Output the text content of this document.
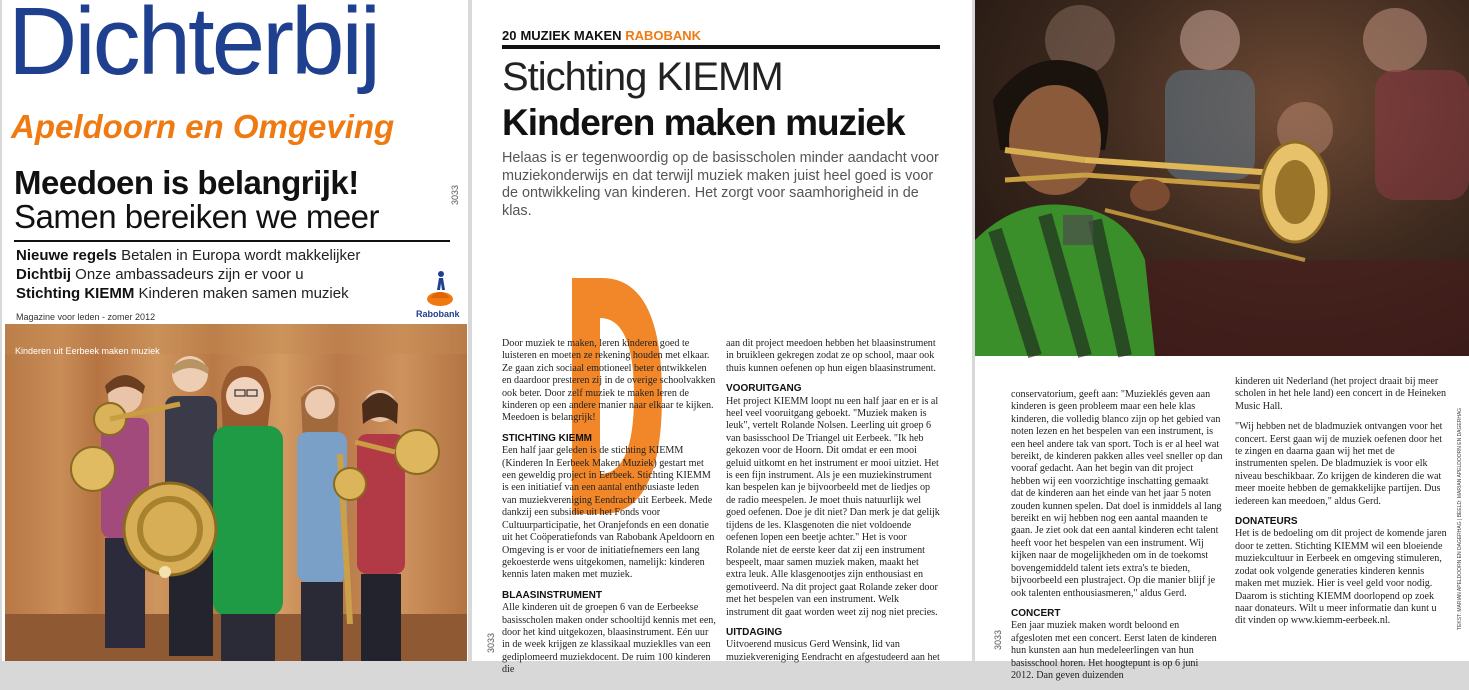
Dichterbij
Apeldoorn en Omgeving
Meedoen is belangrijk!
Samen bereiken we meer
3033
Nieuwe regels Betalen in Europa wordt makkelijker
Dichtbij Onze ambassadeurs zijn er voor u
Stichting KIEMM Kinderen maken samen muziek
Magazine voor leden - zomer 2012	Rabobank
Kinderen uit Eerbeek maken muziek
20 MUZIEK MAKEN RABOBANK
Stichting KIEMM
Kinderen maken muziek
Helaas is er tegenwoordig op de basisscholen minder aandacht voor muziekonderwijs en dat terwijl muziek maken juist heel goed is voor de ontwikkeling van kinderen. Het zorgt voor saamhorigheid in de klas.

Door muziek te maken, leren kinderen goed te luisteren en moeten ze rekening houden met elkaar. Ze gaan zich sociaal emotioneel beter ontwikkelen en daardoor presteren zij in de overige schoolvakken ook beter. Door zelf muziek te maken leren de kinderen op een andere manier naar elkaar te kijken. Meedoen is belangrijk!

STICHTING KIEMM

Een half jaar geleden is de stichting KIEMM (Kinderen In Eerbeek Maken Muziek) gestart met een geweldig project in Eerbeek. Stichting KIEMM is een initiatief van een aantal enthousiaste leden van muziekvereniging Eendracht uit Eerbeek. Mede dankzij een subsidie uit het Fonds voor Cultuurparticipatie, het Oranjefonds en een donatie uit het Coöperatiefonds van Rabobank Apeldoorn en Omgeving is er voor de initiatiefnemers een lang gekoesterde wens uitgekomen, namelijk: kinderen kennis laten maken met muziek.

BLAASINSTRUMENT

Alle kinderen uit de groepen 6 van de Eerbeekse basisscholen maken onder schooltijd kennis met een, door het kind uitgekozen, blaasinstrument. Eén uur in de week krijgen ze klassikaal muzieklles van een gediplomeerd muziekdocent. De ruim 100 kinderen die

aan dit project meedoen hebben het blaasinstrument in bruikleen gekregen zodat ze op school, maar ook thuis kunnen oefenen op hun eigen blaasinstrument.

VOORUITGANG

Het project KIEMM loopt nu een half jaar en er is al heel veel vooruitgang geboekt. "Muziek maken is leuk", vertelt Rolande Nolsen. Leerling uit groep 6 van basisschool De Triangel uit Eerbeek. "Ik heb gekozen voor de Hoorn. Dit omdat er een mooi geluid uitkomt en het instrument er mooi uitziet. Het is een fijn instrument. Als je een muziekinstrument kan bespelen kan je bijvoorbeeld met de liedjes op de radio meespelen. Je moet thuis natuurlijk wel goed oefenen. Doe je dit niet? Dan merk je dat gelijk tijdens de les. Klasgenoten die niet voldoende oefenen lopen een beetje achter." Het is voor Rolande niet de eerste keer dat zij een instrument bespeelt, maar samen muziek maken, maakt het extra leuk. Alle klasgenootjes zijn enthousiast en gemotiveerd. Na dit project gaat Rolande zeker door met het bespelen van een instrument. Welk instrument dit gaat worden weet zij nog niet precies.

UITDAGING

Uitvoerend musicus Gerd Wensink, lid van muziekvereniging Eendracht en afgestudeerd aan het

3033

conservatorium, geeft aan: "Muzieklés geven aan kinderen is geen probleem maar een hele klas kinderen, die volledig blanco zijn op het gebied van noten lezen en het bespelen van een instrument, is een heel andere tak van sport. Toch is er al heel wat bereikt, de kinderen pakken alles veel sneller op dan vooraf gedacht. Aan het begin van dit project hebben wij een voorzichtige inschatting gemaakt dat de kinderen aan het einde van het jaar 5 noten zouden kunnen spelen. Dat doel is inmiddels al lang bereikt en wij hebben nog een aantal maanden te gaan. Je ziet ook dat een aantal kinderen echt talent heeft voor het bespelen van een instrument. Wij kijken naar de mogelijkheden om in de toekomst bovengemiddeld talent iets extra's te bieden, bijvoorbeeld een plustraject. Op die manier blijf je ook talenten enthousiasmeren," aldus Gerd.

CONCERT

Een jaar muziek maken wordt beloond en afgesloten met een concert. Eerst laten de kinderen hun kunsten aan hun medeleerlingen van hun basisschool horen. Het hoogtepunt is op 6 juni 2012. Dan geven duizenden

kinderen uit Nederland (het project draait bij meer scholen in het hele land) een concert in de Heineken Music Hall.

"Wij hebben net de bladmuziek ontvangen voor het concert. Eerst gaan wij de muziek oefenen door het te zingen en daarna gaan wij het met de instrumenten spelen. De bladmuziek is voor elk niveau beschikbaar. Zo krijgen de kinderen die wat meer moeite hebben de gemakkelijke partijen. Dus iedereen kan meedoen," aldus Gerd.

DONATEURS

Het is de bedoeling om dit project de komende jaren door te zetten. Stichting KIEMM wil een bloeiende muziekcultuur in Eerbeek en omgeving stimuleren, zodat ook volgende generaties kinderen kennis maken met muziek. Hier is veel geld voor nodig. Daarom is stichting KIEMM doorlopend op zoek naar donateurs. Wilt u meer informatie dan kunt u dit vinden op www.kiemm-eerbeek.nl.

3033
TEKST: MARIAN APELDOORN EN DAGERHAG | BEELD: MARIAN APELDOORN EN DAGERHAG
